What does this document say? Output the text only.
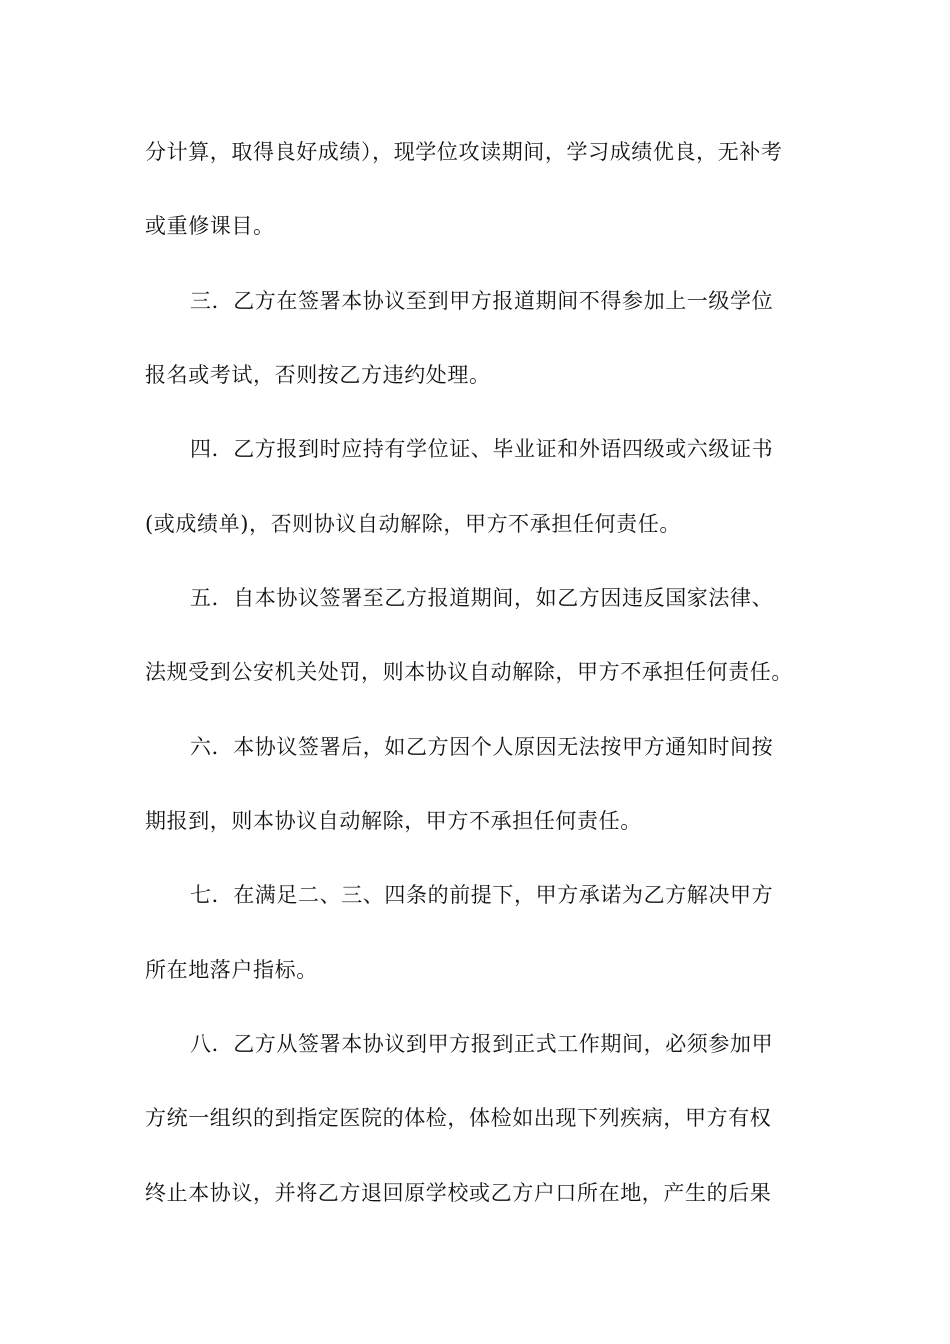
分计算，取得良好成绩），现学位攻读期间，学习成绩优良，无补考
或重修课目。
三．乙方在签署本协议至到甲方报道期间不得参加上一级学位
报名或考试，否则按乙方违约处理。
四．乙方报到时应持有学位证、毕业证和外语四级或六级证书
(或成绩单)，否则协议自动解除，甲方不承担任何责任。
五．自本协议签署至乙方报道期间，如乙方因违反国家法律、
法规受到公安机关处罚，则本协议自动解除，甲方不承担任何责任。
六．本协议签署后，如乙方因个人原因无法按甲方通知时间按
期报到，则本协议自动解除，甲方不承担任何责任。
七．在满足二、三、四条的前提下，甲方承诺为乙方解决甲方
所在地落户指标。
八．乙方从签署本协议到甲方报到正式工作期间，必须参加甲
方统一组织的到指定医院的体检，体检如出现下列疾病，甲方有权
终止本协议，并将乙方退回原学校或乙方户口所在地，产生的后果
